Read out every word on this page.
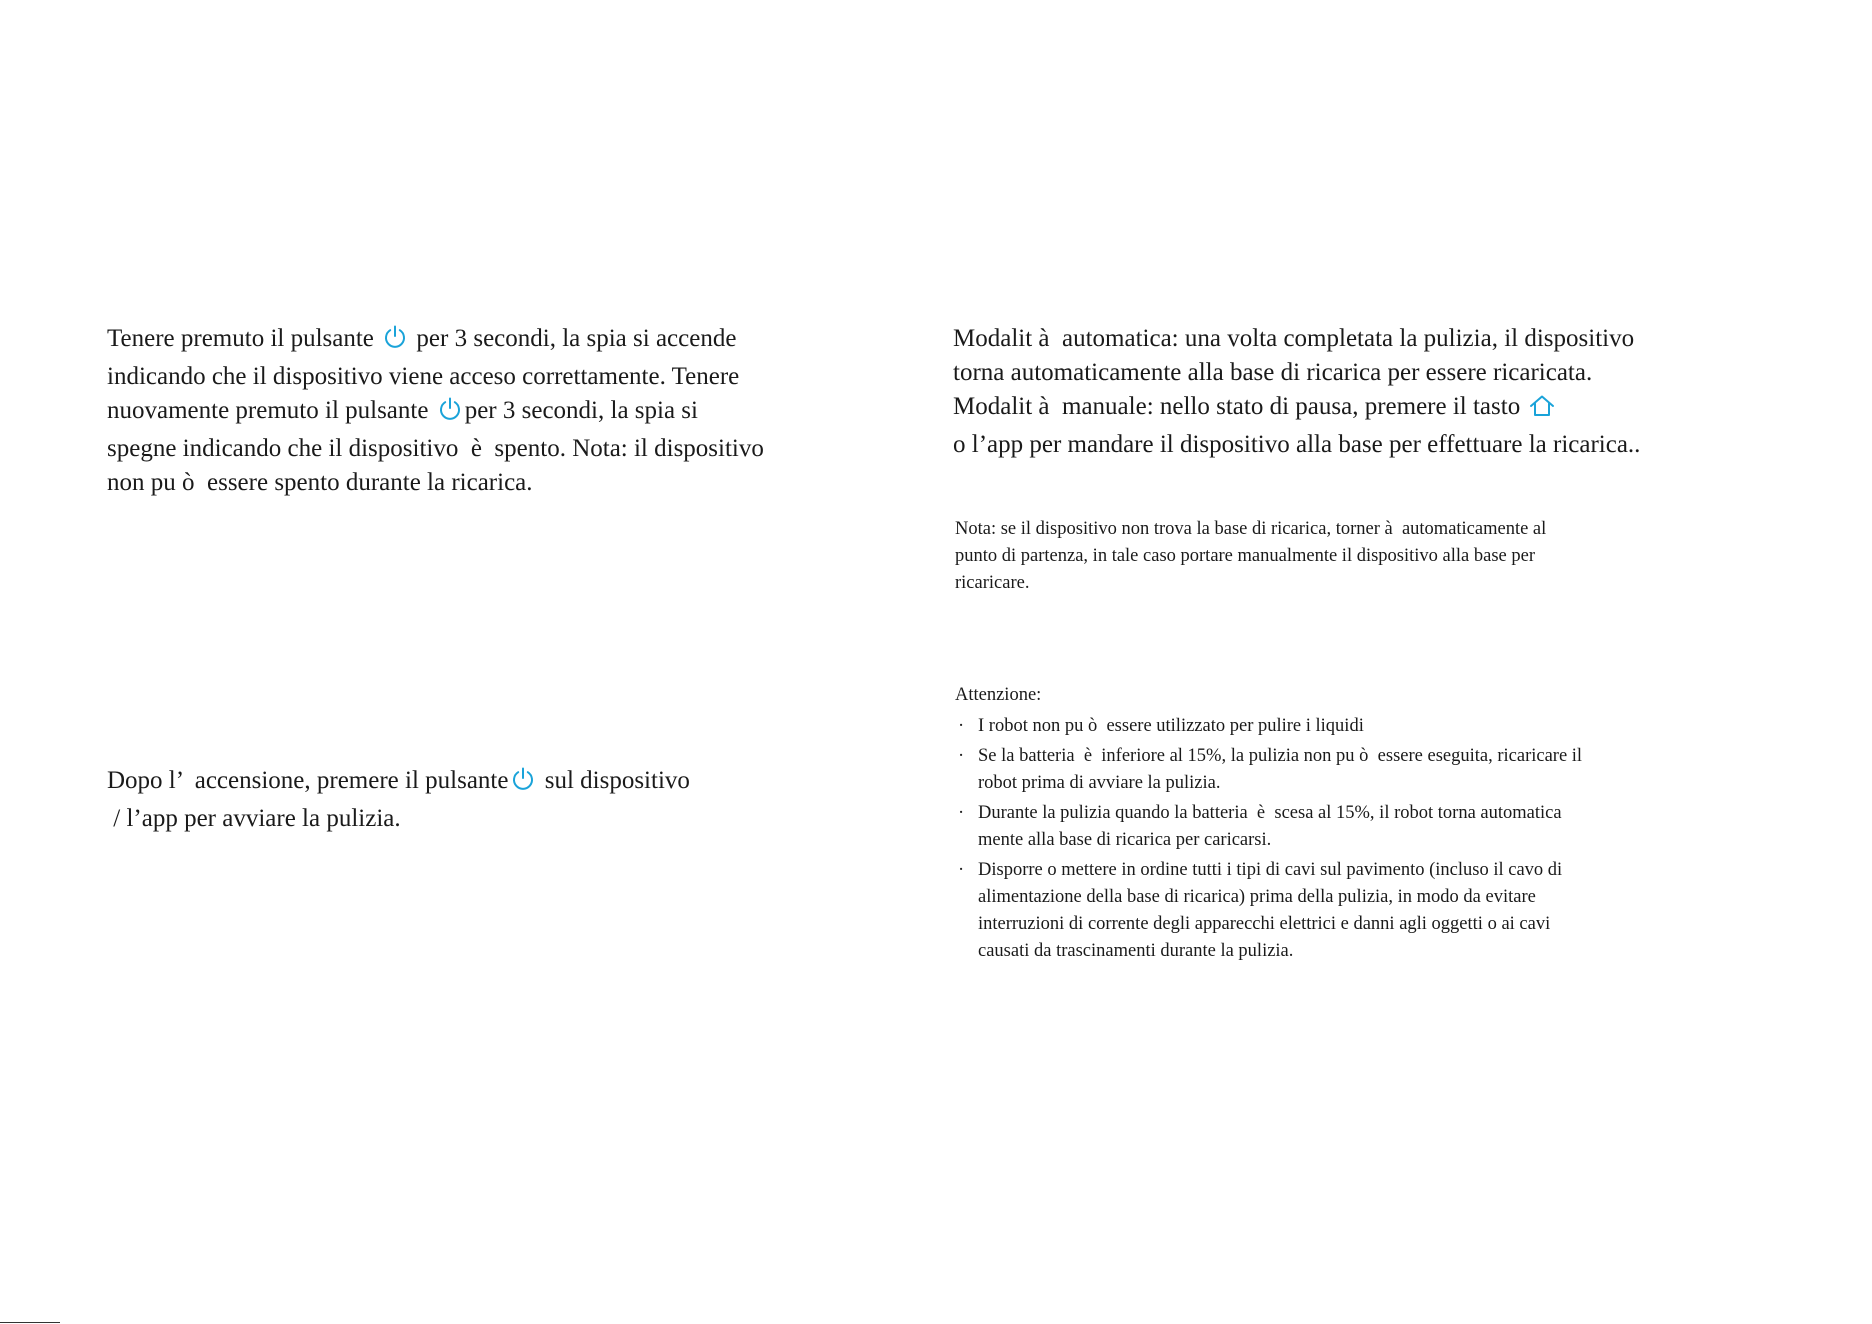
Tenere premuto il pulsante  per 3 secondi, la spia si accende
indicando che il dispositivo viene acceso correttamente. Tenere
nuovamente premuto il pulsante per 3 secondi, la spia si
spegne indicando che il dispositivo  è  spento. Nota: il dispositivo
non pu ò  essere spento durante la ricarica.
Dopo l’  accensione, premere il pulsante sul dispositivo
/ l’app per avviare la pulizia.
Modalit à  automatica: una volta completata la pulizia, il dispositivo
torna automaticamente alla base di ricarica per essere ricaricata.
Modalit à  manuale: nello stato di pausa, premere il tasto
o l’app per mandare il dispositivo alla base per effettuare la ricarica..
Nota: se il dispositivo non trova la base di ricarica, torner à  automaticamente al
punto di partenza, in tale caso portare manualmente il dispositivo alla base per
ricaricare.
Attenzione:
· I robot non pu ò  essere utilizzato per pulire i liquidi
· Se la batteria  è  inferiore al 15%, la pulizia non pu ò  essere eseguita, ricaricare il
robot prima di avviare la pulizia.
· Durante la pulizia quando la batteria  è  scesa al 15%, il robot torna automatica
mente alla base di ricarica per caricarsi.
· Disporre o mettere in ordine tutti i tipi di cavi sul pavimento (incluso il cavo di
alimentazione della base di ricarica) prima della pulizia, in modo da evitare
interruzioni di corrente degli apparecchi elettrici e danni agli oggetti o ai cavi
causati da trascinamenti durante la pulizia.
